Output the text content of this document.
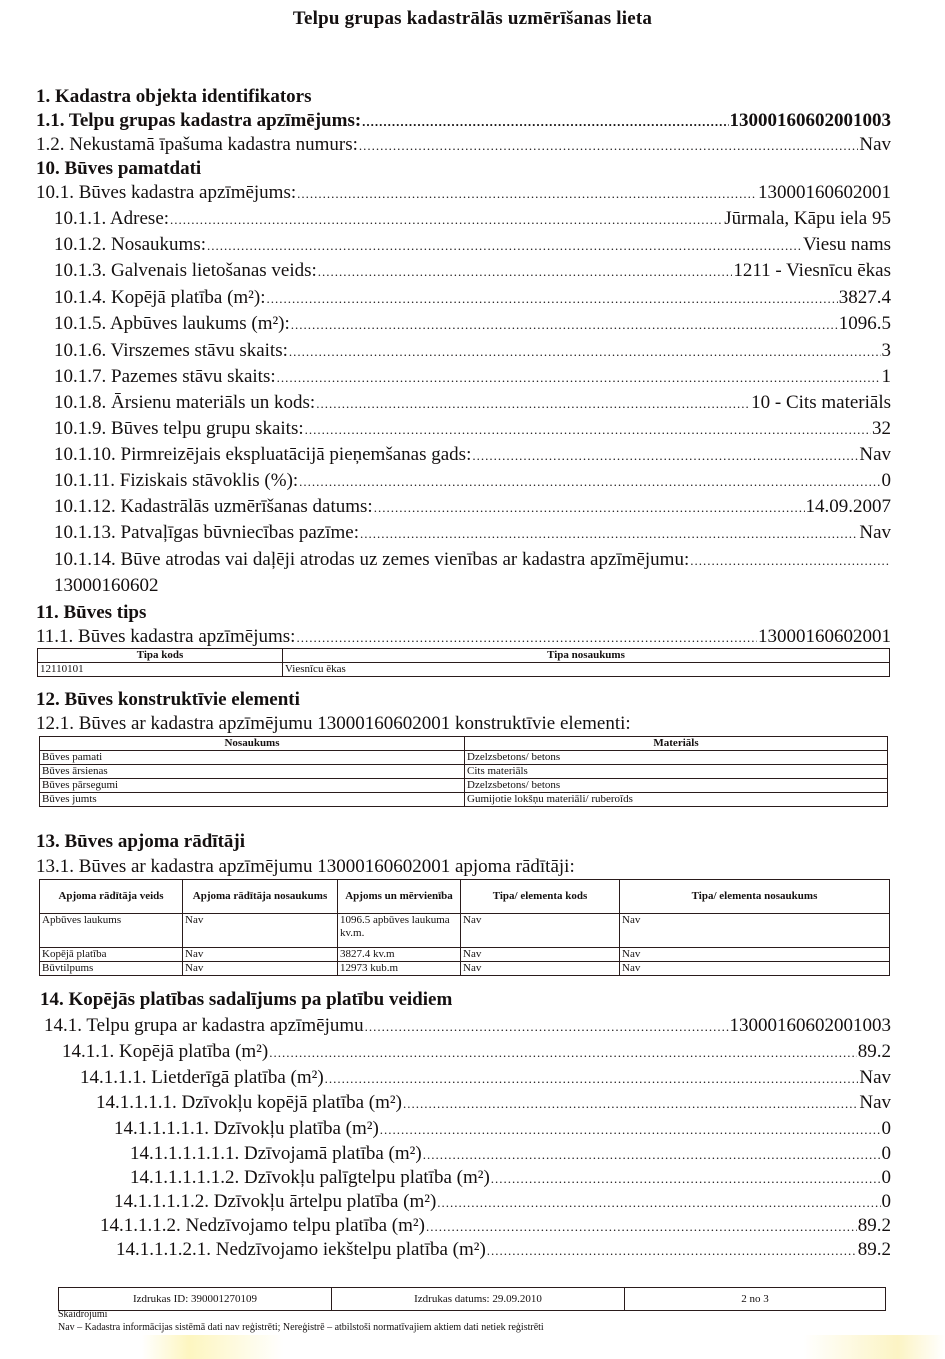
Telpu grupas kadastrālās uzmērīšanas lieta
1. Kadastra objekta identifikators
1.1. Telpu grupas kadastra apzīmējums: .....	13000160602001003
1.2. Nekustamā īpašuma kadastra numurs: .....	Nav
10. Būves pamatdati
10.1. Būves kadastra apzīmējums: .....	13000160602001
10.1.1. Adrese: .....	Jūrmala, Kāpu iela 95
10.1.2. Nosaukums: .....	Viesu nams
10.1.3. Galvenais lietošanas veids: .....	1211 - Viesnīcu ēkas
10.1.4. Kopējā platība (m²): .....	3827.4
10.1.5. Apbūves laukums (m²): .....	1096.5
10.1.6. Virszemes stāvu skaits: .....	3
10.1.7. Pazemes stāvu skaits: .....	1
10.1.8. Ārsienu materiāls un kods: .....	10 - Cits materiāls
10.1.9. Būves telpu grupu skaits: .....	32
10.1.10. Pirmreizējais ekspluatācijā pieņemšanas gads: .....	Nav
10.1.11. Fiziskais stāvoklis (%): .....	0
10.1.12. Kadastrālās uzmērīšanas datums: .....	14.09.2007
10.1.13. Patvaļīgas būvniecības pazīme: .....	Nav
10.1.14. Būve atrodas vai daļēji atrodas uz zemes vienības ar kadastra apzīmējumu:
.....
13000160602
11. Būves tips
11.1. Būves kadastra apzīmējums: .....	13000160602001
Tipa kods	Tipa nosaukums
12110101	Viesnīcu ēkas
12. Būves konstruktīvie elementi
12.1. Būves ar kadastra apzīmējumu 13000160602001 konstruktīvie elementi:
Nosaukums	Materiāls
Būves pamati	Dzelzsbetons/ betons
Būves ārsienas	Cits materiāls
Būves pārsegumi	Dzelzsbetons/ betons
Būves jumts	Gumijotie lokšņu materiāli/ ruberoīds
13. Būves apjoma rādītāji
13.1. Būves ar kadastra apzīmējumu 13000160602001 apjoma rādītāji:
Apjoma rādītāja veids	Apjoma rādītāja nosaukums	Apjoms un mērvienība	Tipa/ elementa kods	Tipa/ elementa nosaukums
Apbūves laukums	Nav	1096.5 apbūves laukuma kv.m.	Nav	Nav
Kopējā platība	Nav	3827.4 kv.m	Nav	Nav
Būvtilpums	Nav	12973 kub.m	Nav	Nav
14. Kopējās platības sadalījums pa platību veidiem
14.1. Telpu grupa ar kadastra apzīmējumu .....	13000160602001003
14.1.1. Kopējā platība (m²) .....	89.2
14.1.1.1. Lietderīgā platība (m²) .....	Nav
14.1.1.1.1. Dzīvokļu kopējā platība (m²) .....	Nav
14.1.1.1.1.1. Dzīvokļu platība (m²) .....	0
14.1.1.1.1.1.1. Dzīvojamā platība (m²) .....	0
14.1.1.1.1.1.2. Dzīvokļu palīgtelpu platība (m²) .....	0
14.1.1.1.1.2. Dzīvokļu ārtelpu platība (m²) .....	0
14.1.1.1.2. Nedzīvojamo telpu platība (m²) .....	89.2
14.1.1.1.2.1. Nedzīvojamo iekštelpu platība (m²) .....	89.2
Izdrukas ID: 390001270109	Izdrukas datums: 29.09.2010	2 no 3
Skaidrojumi
Nav – Kadastra informācijas sistēmā dati nav reģistrēti; Nereģistrē – atbilstoši normatīvajiem aktiem dati netiek reģistrēti
